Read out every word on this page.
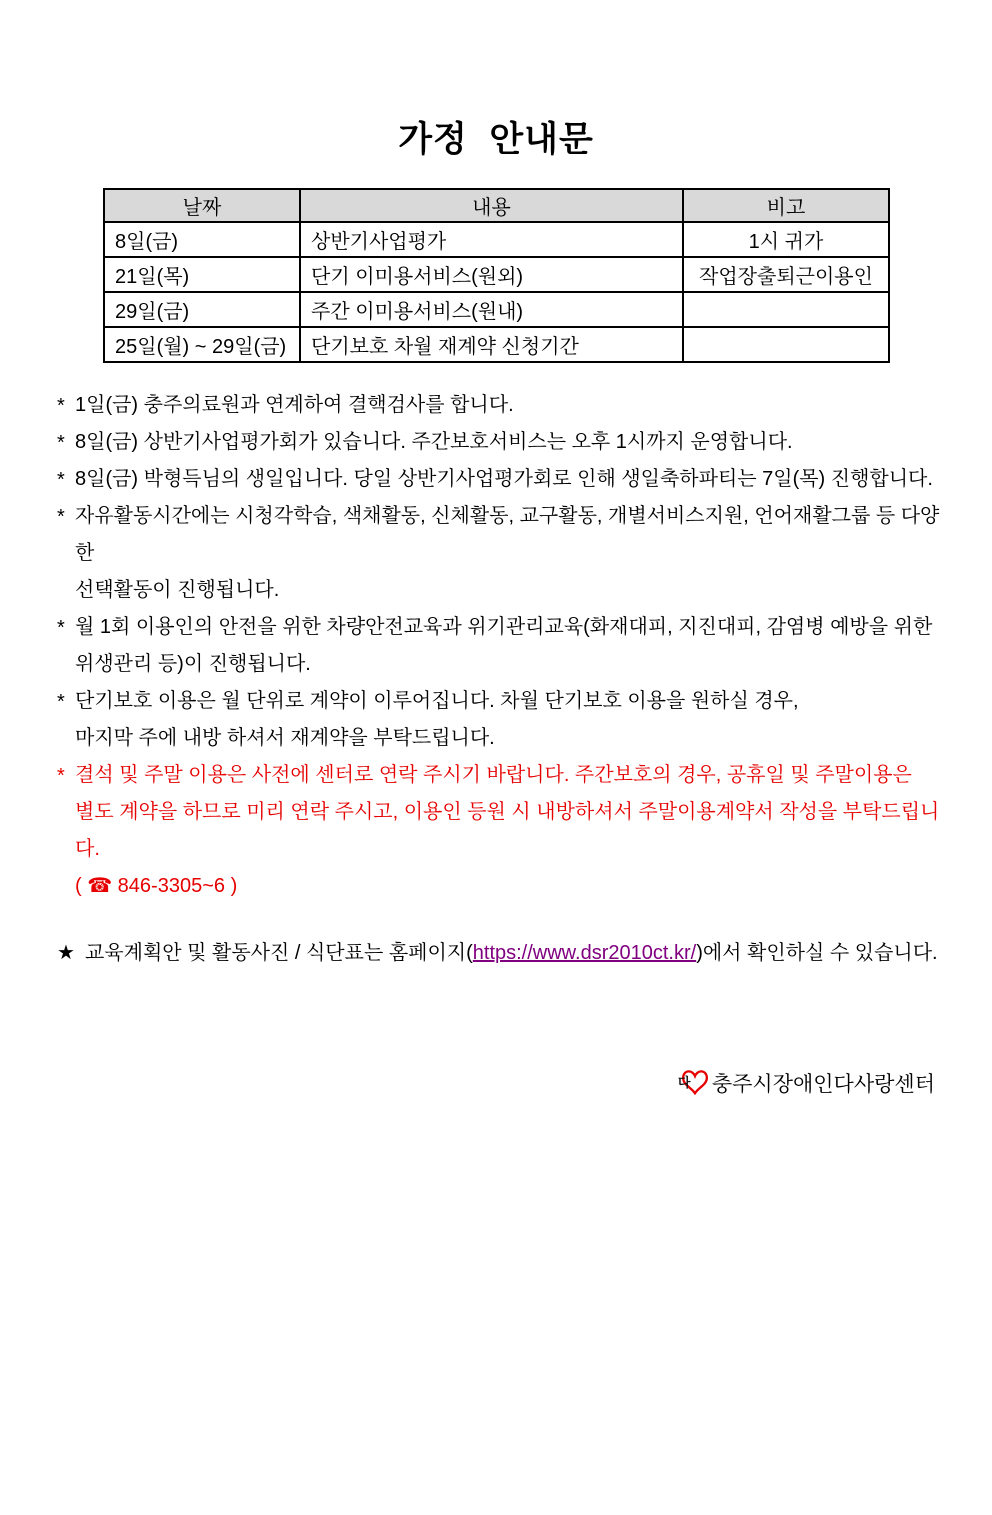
가정  안내문
날짜	내용	비고
8일(금)	상반기사업평가	1시 귀가
21일(목)	단기 이미용서비스(원외)	작업장출퇴근이용인
29일(금)	주간 이미용서비스(원내)	
25일(월) ~ 29일(금)	단기보호 차월 재계약 신청기간	
* 1일(금) 충주의료원과 연계하여 결핵검사를 합니다.
* 8일(금) 상반기사업평가회가 있습니다. 주간보호서비스는 오후 1시까지 운영합니다.
* 8일(금) 박형득님의 생일입니다. 당일 상반기사업평가회로 인해 생일축하파티는 7일(목) 진행합니다.
* 자유활동시간에는 시청각학습, 색채활동, 신체활동, 교구활동, 개별서비스지원, 언어재활그룹 등 다양한
선택활동이 진행됩니다.
* 월 1회 이용인의 안전을 위한 차량안전교육과 위기관리교육(화재대피, 지진대피, 감염병 예방을 위한
위생관리 등)이 진행됩니다.
* 단기보호 이용은 월 단위로 계약이 이루어집니다. 차월 단기보호 이용을 원하실 경우,
마지막 주에 내방 하셔서 재계약을 부탁드립니다.
* 결석 및 주말 이용은 사전에 센터로 연락 주시기 바랍니다. 주간보호의 경우, 공휴일 및 주말이용은
별도 계약을 하므로 미리 연락 주시고, 이용인 등원 시 내방하셔서 주말이용계약서 작성을 부탁드립니다.
( ☎ 846-3305~6 )
★ 교육계획안 및 활동사진 / 식단표는 홈페이지(https://www.dsr2010ct.kr/)에서 확인하실 수 있습니다.
다 충주시장애인다사랑센터
